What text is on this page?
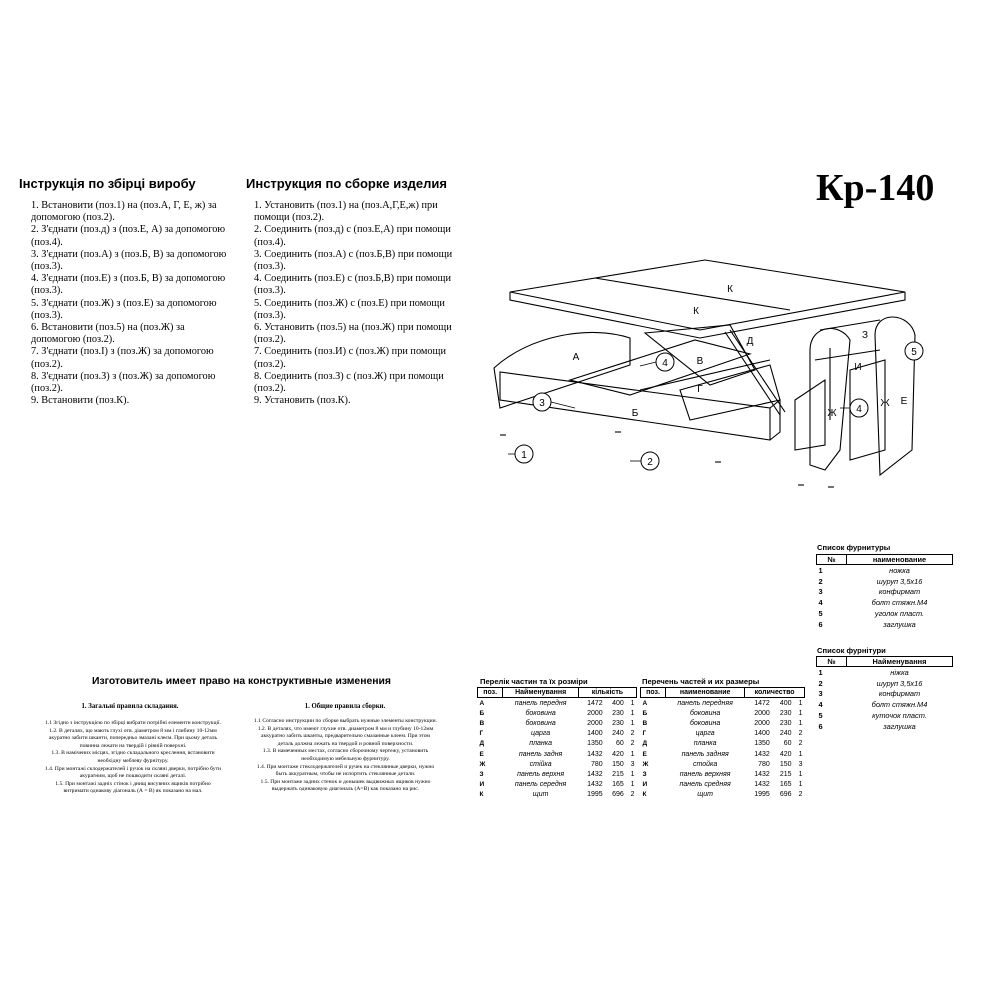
Інструкція по збірці виробу
1. Встановити (поз.1) на (поз.А, Г, Е, ж) за допомогою (поз.2).
2. З'єднати (поз.д) з (поз.Е, А) за допомогою (поз.4).
3. З'єднати (поз.А) з (поз.Б, В) за допомогою (поз.3).
4. З'єднати (поз.Е) з (поз.Б, В) за допомогою (поз.3).
5. З'єднати (поз.Ж) з (поз.Е) за допомогою (поз.3).
6. Встановити (поз.5) на (поз.Ж) за допомогою (поз.2).
7. З'єднати (поз.І) з (поз.Ж) за допомогою (поз.2).
8. З'єднати (поз.З) з (поз.Ж) за допомогою (поз.2).
9. Встановити (поз.К).
Инструкция по сборке изделия
1. Установить (поз.1) на (поз.А,Г,Е,ж) при помощи (поз.2).
2. Соединить (поз.д) с (поз.Е,А) при помощи (поз.4).
3. Соединить (поз.А) с (поз.Б,В) при помощи (поз.3).
4. Соединить (поз.Е) с (поз.Б,В) при помощи (поз.3).
5. Соединить (поз.Ж) с (поз.Е) при помощи (поз.3).
6. Установить (поз.5) на (поз.Ж) при помощи (поз.2).
7. Соединить (поз.И) с (поз.Ж) при помощи (поз.2).
8. Соединить (поз.З) с (поз.Ж) при помощи (поз.2).
9. Установить (поз.К).
Кр-140
К
К
Д
А	В
Г
Б
З
И
Ж
Ж Е
1
2
3
4
4
5
Список фурнитуры
№	наименование
1	ножка
2	шуруп 3,5х16
3	конфирмат
4	болт стяжн.М4
5	уголок пласт.
6	заглушка
Список фурнітури
№	Найменування
1	ніжка
2	шуруп 3,5х16
3	конфирмат
4	болт стяжн.М4
5	куточок пласт.
6	заглушка
Изготовитель имеет право на конструктивные изменения
1. Загальні правила складання.
1.1 Згідно з інструкцією по збірці вибрати потрібні елементи конструкції.
1.2. В деталях, що мають глухі отв. діаметром 8 мм і глибину 10-12мм
акуратно забити шканти, попередньо змазані клеєм. При цьому деталь
повинна лежати на твердій і рівній поверхні.
1.3. В намічених місцях, згідно складального креслення, встановити
необхідну меблеву фурнітуру.
1.4. При монтажі склодержателей і ручок на скляні дверки, потрібно бути
акуратним, щоб не пошкодити скляні деталі.
1.5. При монтажі задніх стінок і днищ висувних ящиків потрібно
витримати однакову діагональ (А = В) як показано на мал.
1. Общие правила сборки.
1.1 Согласно инструкции по сборке выбрать нужные элементы конструкции.
1.2. В деталях, что имеют глухие отв. диаметром 8 мм и глубину 10-12мм
аккуратно забить шканты, предварительно смазанные клеем. При этом
деталь должна лежать на твердой и ровной поверхности.
1.3. В намеченных местах, согласно сборочному чертежу, установить
необходимую мебельную фурнитуру.
1.4. При монтаже стеклодержателей и ручек на стеклянные дверки, нужно
быть аккуратным, чтобы не испортить стеклянные детали.
1.5. При монтаже задних стенок и донышек выдвижных ящиков нужно
выдержать одинаковую диагональ (А=В) как показано на рис.
Перелік частин та їх розміри
поз.	Найменування	кількість		
А	панель передня	1472	400	1
Б	боковина	2000	230	1
В	боковина	2000	230	1
Г	царга	1400	240	2
Д	планка	1350	60	2
Е	панель задня	1432	420	1
Ж	стійка	780	150	3
З	панель верхня	1432	215	1
И	панель середня	1432	165	1
К	щит	1995	696	2
Перечень частей и их размеры
поз.	наименование	количество		
А	панель передняя	1472	400	1
Б	боковина	2000	230	1
В	боковина	2000	230	1
Г	царга	1400	240	2
Д	планка	1350	60	2
Е	панель задняя	1432	420	1
Ж	стойка	780	150	3
З	панель верхняя	1432	215	1
И	панель средняя	1432	165	1
К	щит	1995	696	2
